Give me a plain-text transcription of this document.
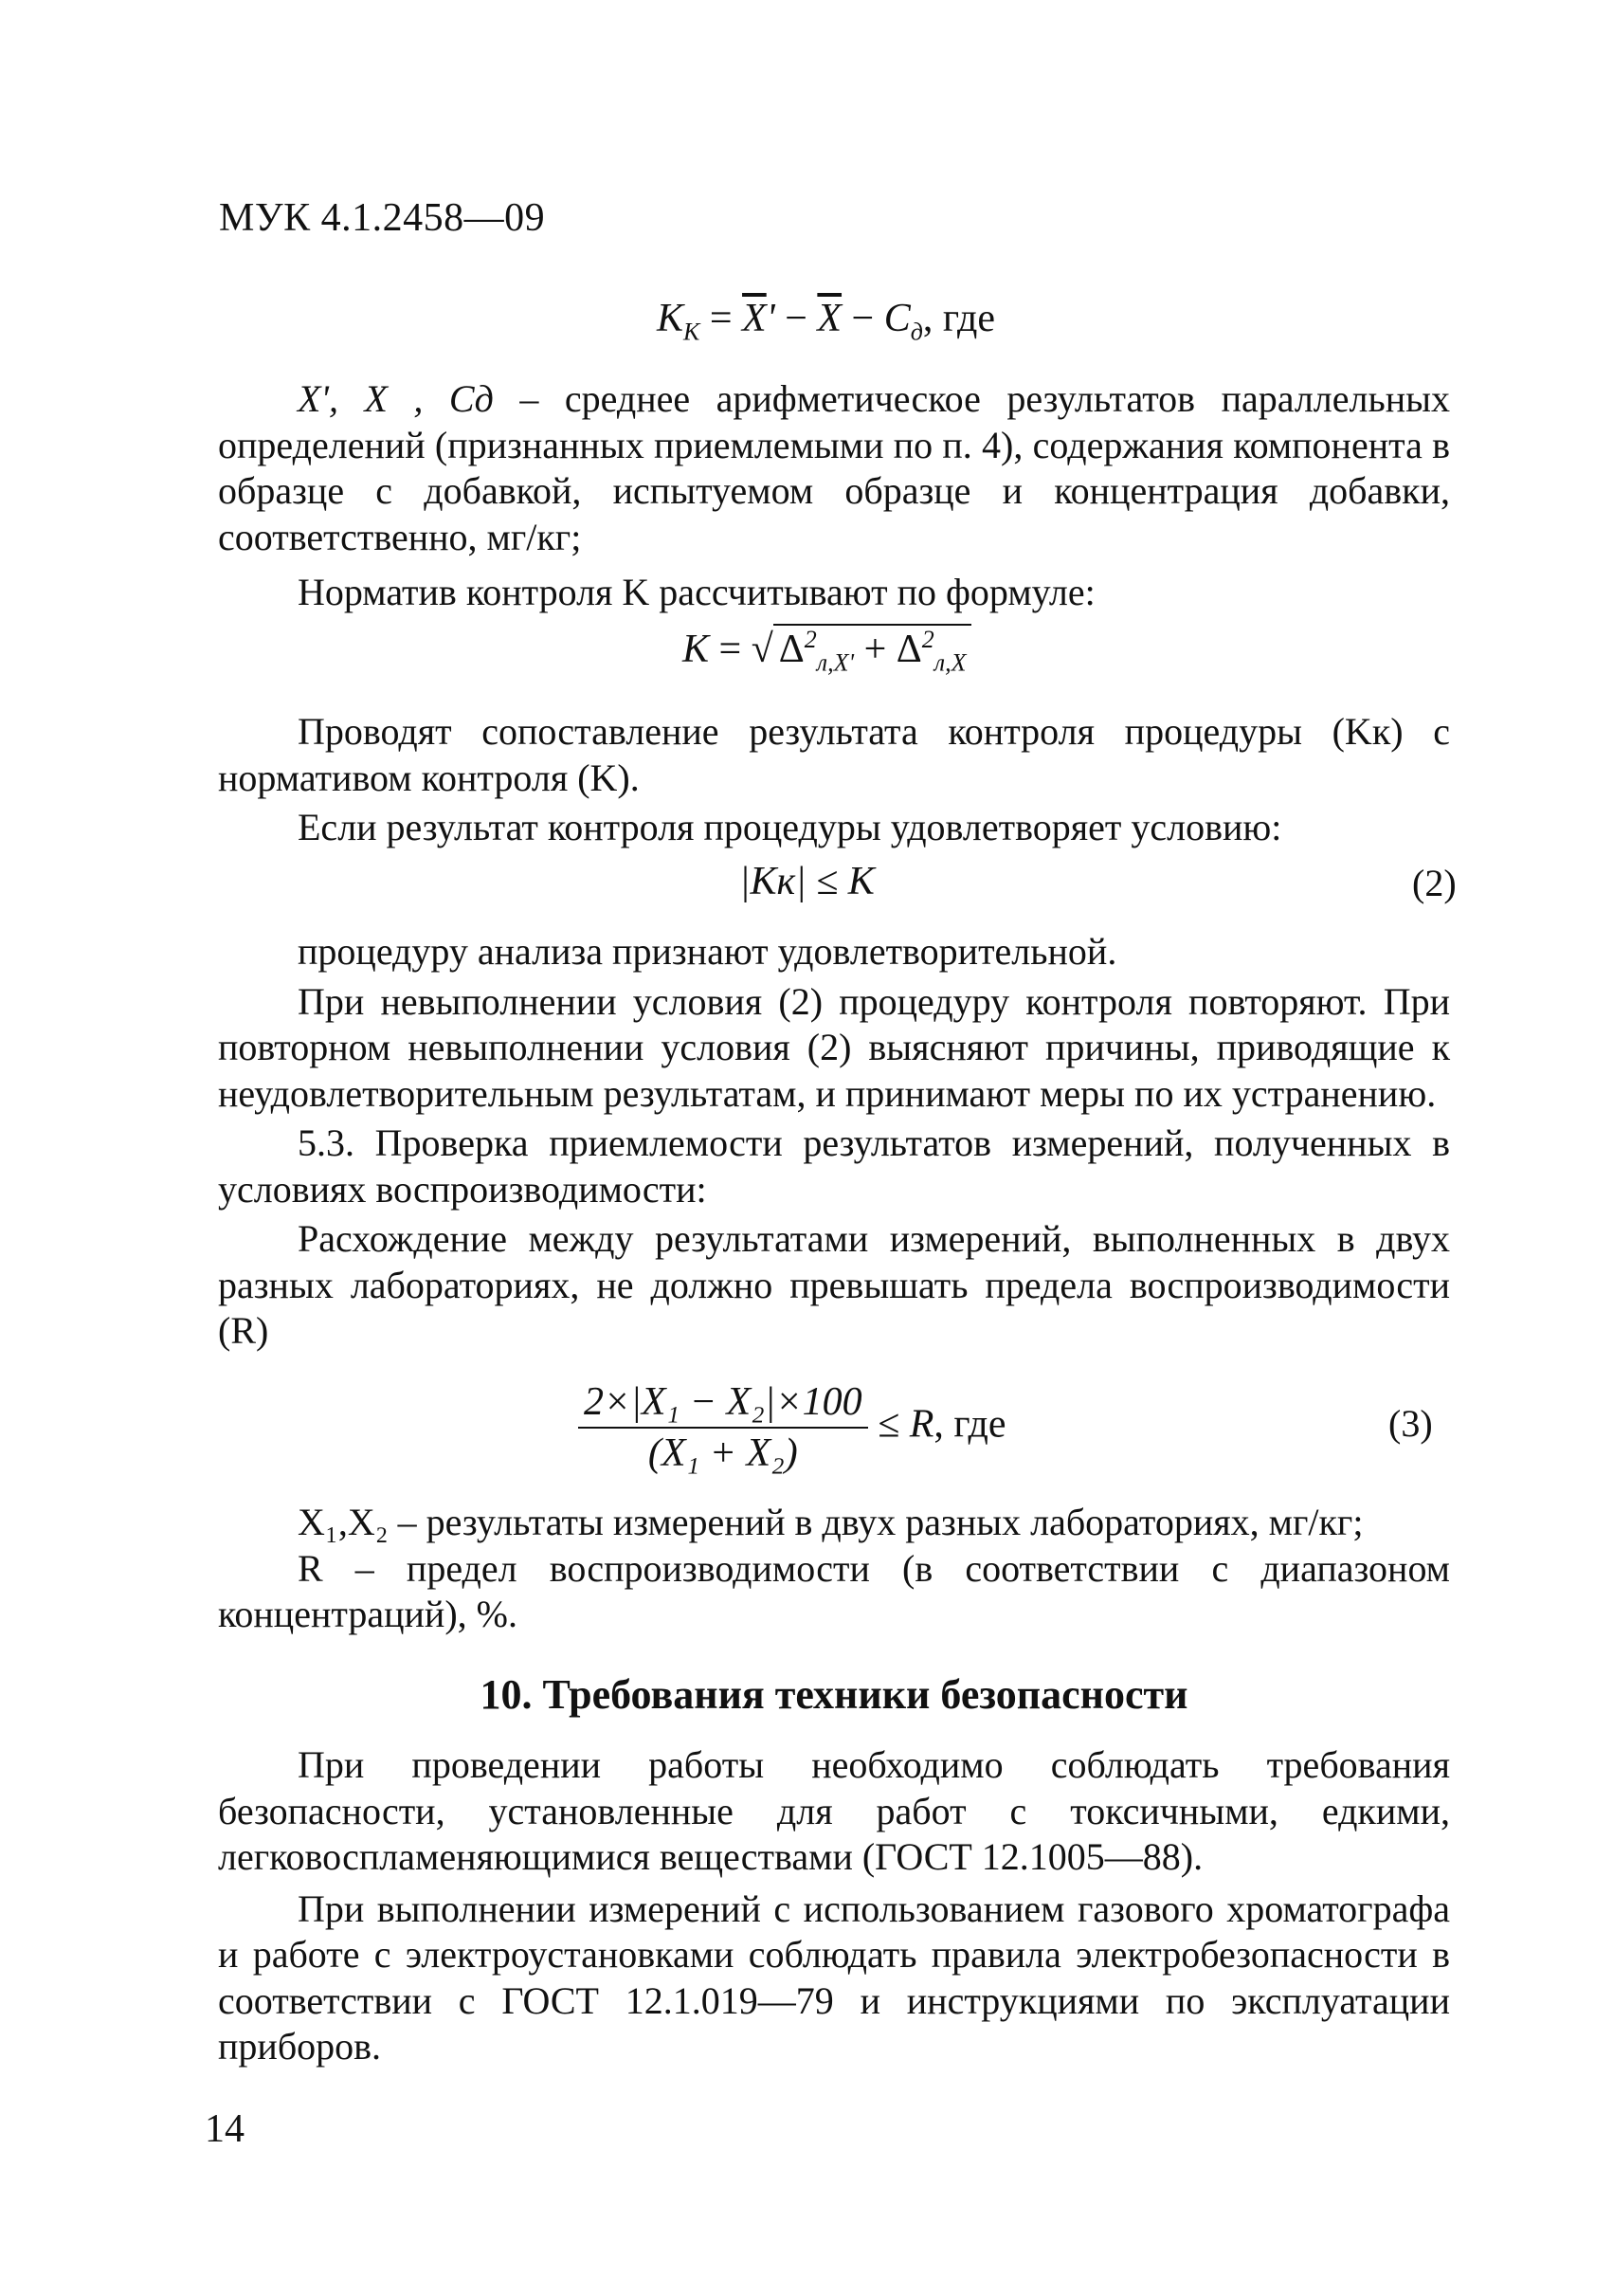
МУК 4.1.2458—09
$K_K = \overline{X}' - \overline{X} - C_д$, где

X', X , Cд – среднее арифметическое результатов параллельных определений (признанных приемлемыми по п. 4), содержания компонента в образце с добавкой, испытуемом образце и концентрация добавки, соответственно, мг/кг;

Норматив контроля K рассчитывают по формуле:

K = √ $\Delta^2_{л,X'} + \Delta^2_{л,X}$

Проводят сопоставление результата контроля процедуры (Kк) с нормативом контроля (K).

Если результат контроля процедуры удовлетворяет условию:

|Kк| ≤ K	(2)

процедуру анализа признают удовлетворительной.

При невыполнении условия (2) процедуру контроля повторяют. При повторном невыполнении условия (2) выясняют причины, приводящие к неудовлетворительным результатам, и принимают меры по их устранению.

5.3. Проверка приемлемости результатов измерений, полученных в условиях воспроизводимости:

Расхождение между результатами измерений, выполненных в двух разных лабораториях, не должно превышать предела воспроизводимости (R)

$\frac{\text{2×|X₁ − X₂|×100}}{\text{(X₁ + X₂)}} \le R$, где	(3)

X₁,X₂ – результаты измерений в двух разных лабораториях, мг/кг;

R – предел воспроизводимости (в соответствии с диапазоном концентраций), %.

10. Требования техники безопасности

При проведении работы необходимо соблюдать требования безопасности, установленные для работ с токсичными, едкими, легковоспламеняющимися веществами (ГОСТ 12.1005—88).

При выполнении измерений с использованием газового хроматографа и работе с электроустановками соблюдать правила электробезопасности в соответствии с ГОСТ 12.1.019—79 и инструкциями по эксплуатации приборов.

14
